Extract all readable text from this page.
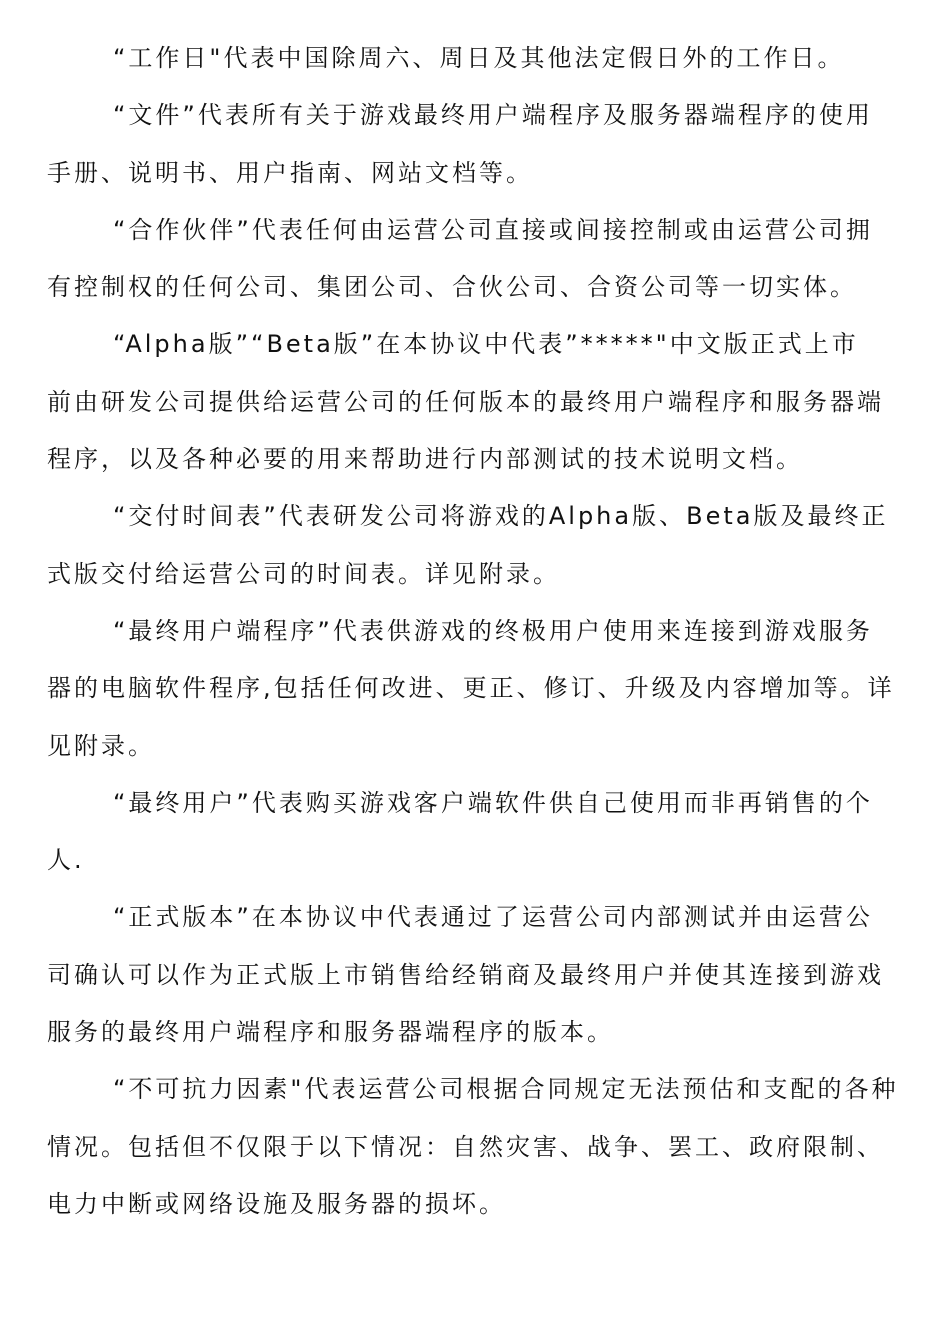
“工作日"代表中国除周六、周日及其他法定假日外的工作日。
“文件”代表所有关于游戏最终用户端程序及服务器端程序的使用
手册、说明书、用户指南、网站文档等。
“合作伙伴”代表任何由运营公司直接或间接控制或由运营公司拥
有控制权的任何公司、集团公司、合伙公司、合资公司等一切实体。
“Alpha版”“Beta版”在本协议中代表”*****"中文版正式上市
前由研发公司提供给运营公司的任何版本的最终用户端程序和服务器端
程序，以及各种必要的用来帮助进行内部测试的技术说明文档。
“交付时间表”代表研发公司将游戏的Alpha版、Beta版及最终正
式版交付给运营公司的时间表。详见附录。
“最终用户端程序”代表供游戏的终极用户使用来连接到游戏服务
器的电脑软件程序,包括任何改进、更正、修订、升级及内容增加等。详
见附录。
“最终用户”代表购买游戏客户端软件供自己使用而非再销售的个
人.
“正式版本”在本协议中代表通过了运营公司内部测试并由运营公
司确认可以作为正式版上市销售给经销商及最终用户并使其连接到游戏
服务的最终用户端程序和服务器端程序的版本。
“不可抗力因素"代表运营公司根据合同规定无法预估和支配的各种
情况。包括但不仅限于以下情况：自然灾害、战争、罢工、政府限制、
电力中断或网络设施及服务器的损坏。
